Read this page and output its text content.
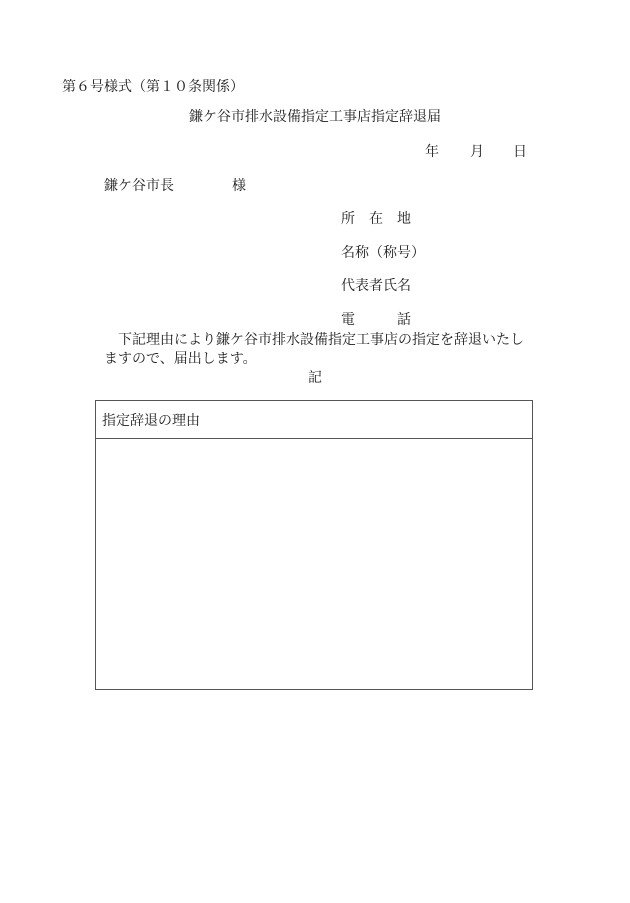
第６号様式（第１０条関係）
鎌ケ谷市排水設備指定工事店指定辞退届
年 月 日
鎌ケ谷市長	様
所　在　地
名称（称号）
代表者氏名
電　　　話
下記理由により鎌ケ谷市排水設備指定工事店の指定を辞退いたしますので、届出します。
記
指定辞退の理由
